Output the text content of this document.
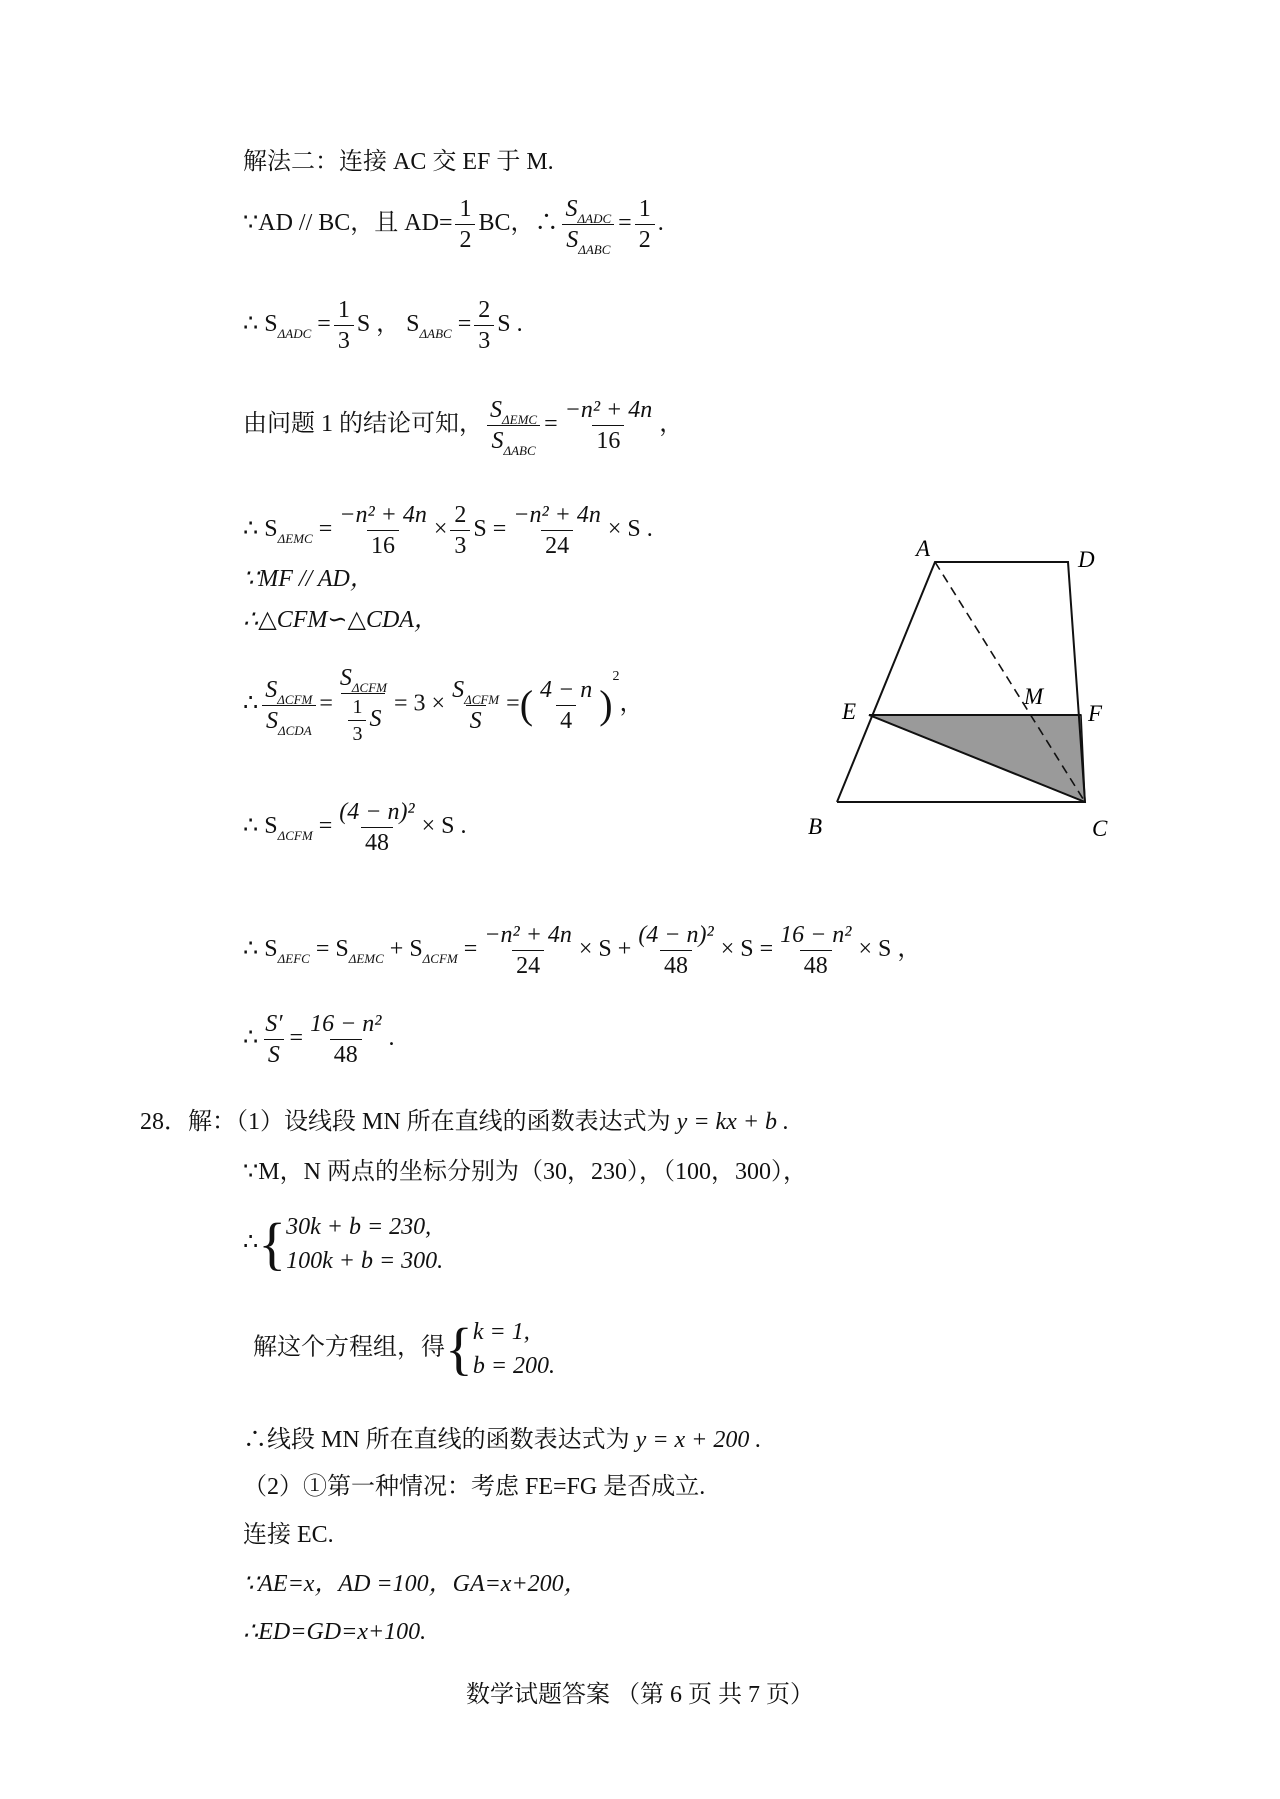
解法二：连接 AC 交 EF 于 M.
∵AD // BC，且 $AD= \frac{1}{2}$ BC，∴ $\frac{S_{\Delta ADC}}{S_{\Delta ABC}} = \frac{1}{2}$ .
∴ $S_{\Delta ADC} = \frac{1}{3}$ S ， $S_{\Delta ABC} = \frac{2}{3}$ S .
由问题 1 的结论可知， $\frac{S_{\Delta EMC}}{S_{\Delta ABC}} = \frac{\text{−n² + 4n}}{16}$ ，
∴ $S_{\Delta EMC} = \frac{\text{−n² + 4n}}{16} \times \frac{2}{3}$ $S = \frac{\text{−n² + 4n}}{24} \times S$ .
∵MF // AD，
∴△CFM∽△CDA，
∴ $\frac{S_{\Delta CFM}}{S_{\Delta CDA}} = \frac{S_{\Delta CFM}}{\frac{1}{3} S} = 3 \times \frac{S_{\Delta CFM}}{S}$ =( $\frac{4 - n}{4} )^2$，
∴ $S_{\Delta CFM} = \frac{\text{(4 − n)²}}{48} \times S$ .
∴ $S_{\Delta EFC} = S_{\Delta EMC} + S_{\Delta CFM} = \frac{\text{−n² + 4n}}{24} \times S + \frac{\text{(4 − n)²}}{48} \times S = \frac{\text{16 − n²}}{48} \times S$ ，
∴ $\frac{S'}{S} = \frac{\text{16 − n²}}{48}$ .
A	D
E	F
M
B	C
28．解：（1）设线段 MN 所在直线的函数表达式为 y = kx + b .
∵M，N 两点的坐标分别为（30，230），（100，300），
∴{ 30k + b = 230,
100k + b = 300.
解这个方程组，得{ k = 1,
b = 200.
∴线段 MN 所在直线的函数表达式为 y = x + 200 .
（2）①第一种情况：考虑 FE=FG 是否成立.
连接 EC.
∵AE=x，AD =100，GA=x+200，
∴ED=GD=x+100.
数学试题答案 （第 6 页 共 7 页）
